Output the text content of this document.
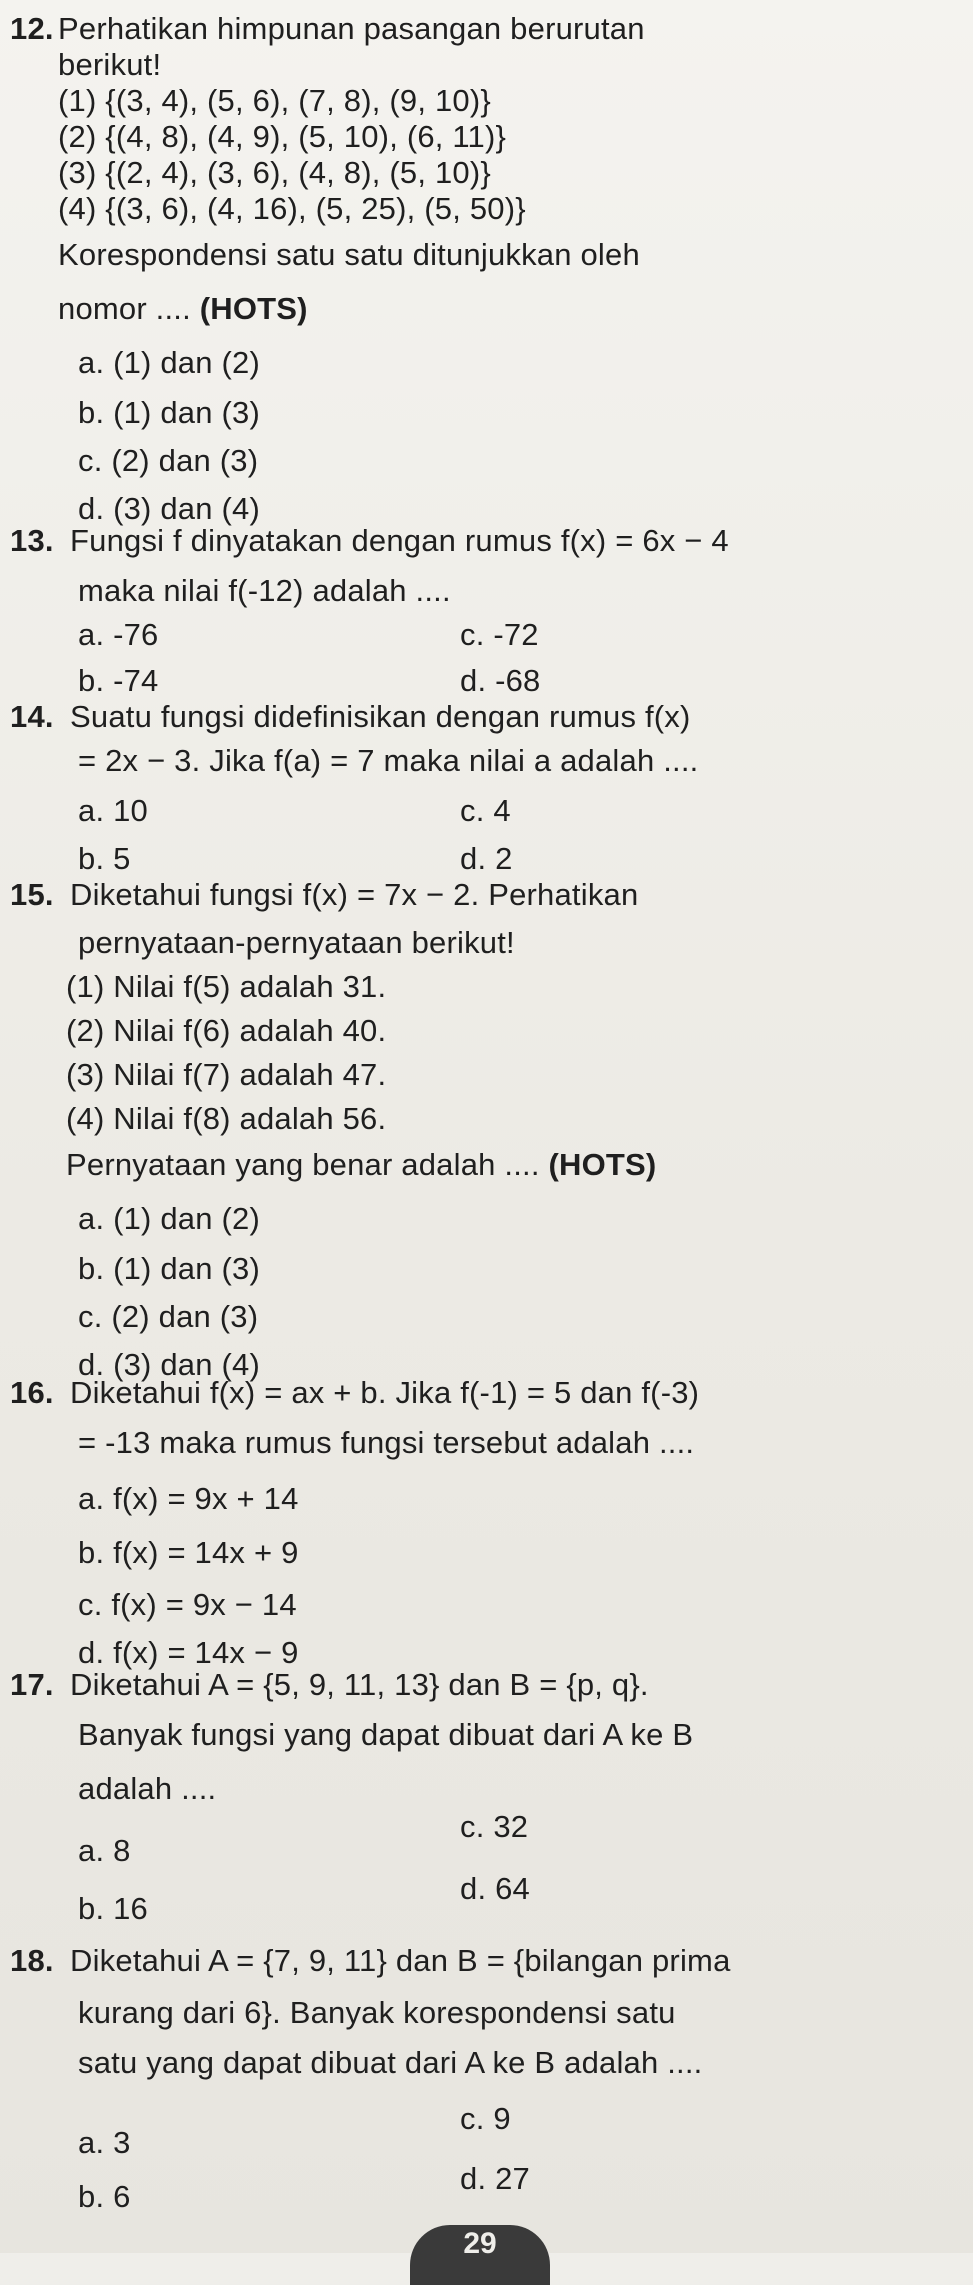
12. Perhatikan himpunan pasangan berurutan
berikut!
(1) {(3, 4), (5, 6), (7, 8), (9, 10)}
(2) {(4, 8), (4, 9), (5, 10), (6, 11)}
(3) {(2, 4), (3, 6), (4, 8), (5, 10)}
(4) {(3, 6), (4, 16), (5, 25), (5, 50)}
Korespondensi satu satu ditunjukkan oleh
nomor .... (HOTS)
a. (1) dan (2)
b. (1) dan (3)
c. (2) dan (3)
d. (3) dan (4)
13. Fungsi f dinyatakan dengan rumus f(x) = 6x − 4
maka nilai f(-12) adalah ....
a. -76	c. -72
b. -74	d. -68
14. Suatu fungsi didefinisikan dengan rumus f(x)
= 2x − 3. Jika f(a) = 7 maka nilai a adalah ....
a. 10	c. 4
b. 5	d. 2
15. Diketahui fungsi f(x) = 7x − 2. Perhatikan
pernyataan-pernyataan berikut!
(1) Nilai f(5) adalah 31.
(2) Nilai f(6) adalah 40.
(3) Nilai f(7) adalah 47.
(4) Nilai f(8) adalah 56.
Pernyataan yang benar adalah .... (HOTS)
a. (1) dan (2)
b. (1) dan (3)
c. (2) dan (3)
d. (3) dan (4)
16. Diketahui f(x) = ax + b. Jika f(-1) = 5 dan f(-3)
= -13 maka rumus fungsi tersebut adalah ....
a. f(x) = 9x + 14
b. f(x) = 14x + 9
c. f(x) = 9x − 14
d. f(x) = 14x − 9
17. Diketahui A = {5, 9, 11, 13} dan B = {p, q}.
Banyak fungsi yang dapat dibuat dari A ke B
adalah ....
c. 32
a. 8
d. 64
b. 16
18. Diketahui A = {7, 9, 11} dan B = {bilangan prima
kurang dari 6}. Banyak korespondensi satu
satu yang dapat dibuat dari A ke B adalah ....
c. 9
a. 3
d. 27
b. 6
29
